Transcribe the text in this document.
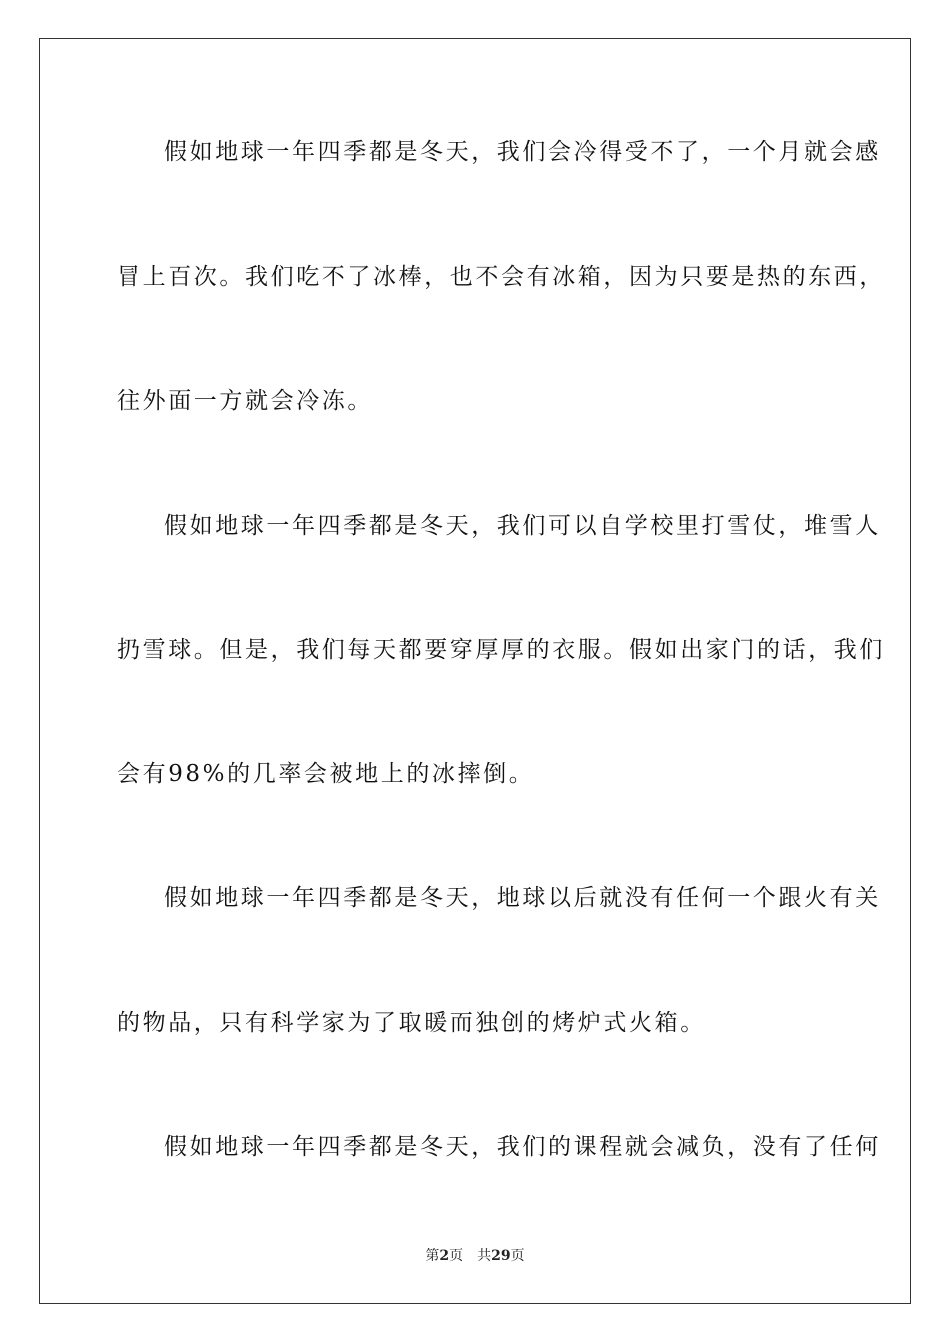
假如地球一年四季都是冬天，我们会冷得受不了，一个月就会感
冒上百次。我们吃不了冰棒，也不会有冰箱，因为只要是热的东西，
往外面一方就会冷冻。
假如地球一年四季都是冬天，我们可以自学校里打雪仗，堆雪人
扔雪球。但是，我们每天都要穿厚厚的衣服。假如出家门的话，我们
会有98%的几率会被地上的冰摔倒。
假如地球一年四季都是冬天，地球以后就没有任何一个跟火有关
的物品，只有科学家为了取暖而独创的烤炉式火箱。
假如地球一年四季都是冬天，我们的课程就会减负，没有了任何
第2页 共29页
